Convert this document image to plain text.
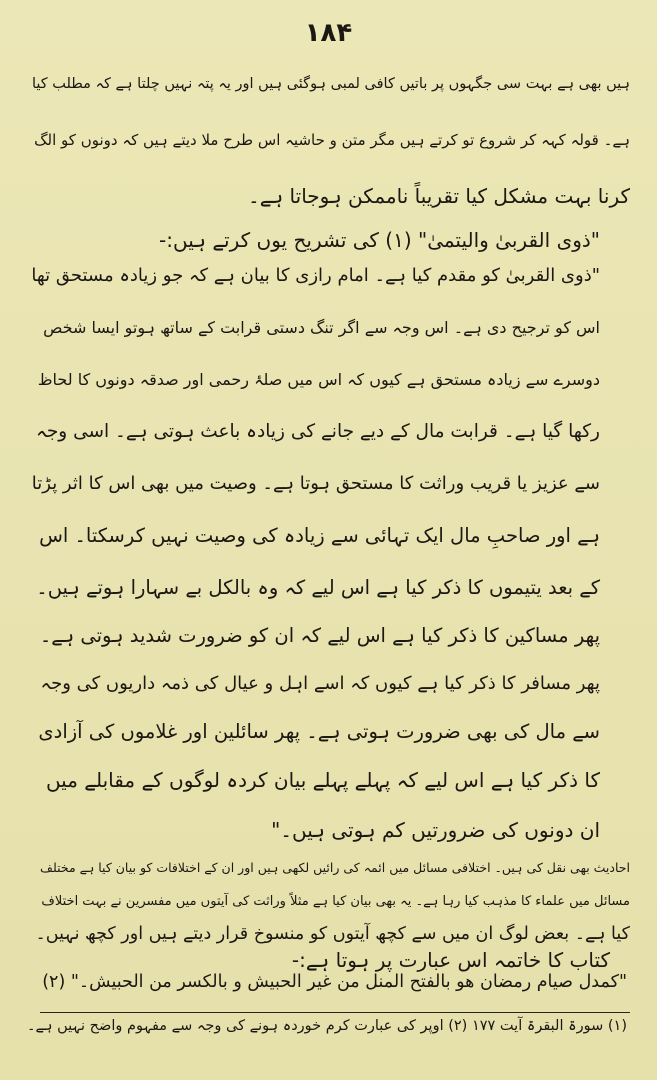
۱۸۴
ہیں بھی ہے بہت سی جگہوں پر باتیں کافی لمبی ہوگئی ہیں اور یہ پتہ نہیں چلتا ہے کہ مطلب کیا
ہے۔ قولہ کہہ کر شروع تو کرتے ہیں مگر متن و حاشیہ اس طرح ملا دیتے ہیں کہ دونوں کو الگ
کرنا بہت مشکل کیا تقریباً ناممکن ہوجاتا ہے۔
"ذوی القربیٰ والیتمیٰ" (۱) کی تشریح یوں کرتے ہیں:-
"ذوی القربیٰ کو مقدم کیا ہے۔ امام رازی کا بیان ہے کہ جو زیادہ مستحق تھا
اس کو ترجیح دی ہے۔ اس وجہ سے اگر تنگ دستی قرابت کے ساتھ ہوتو ایسا شخص
دوسرے سے زیادہ مستحق ہے کیوں کہ اس میں صلۂ رحمی اور صدقہ دونوں کا لحاظ
رکھا گیا ہے۔ قرابت مال کے دیے جانے کی زیادہ باعث ہوتی ہے۔ اسی وجہ
سے عزیز یا قریب وراثت کا مستحق ہوتا ہے۔ وصیت میں بھی اس کا اثر پڑتا
ہے اور صاحبِ مال ایک تہائی سے زیادہ کی وصیت نہیں کرسکتا۔ اس
کے بعد یتیموں کا ذکر کیا ہے اس لیے کہ وہ بالکل بے سہارا ہوتے ہیں۔
پھر مساکین کا ذکر کیا ہے اس لیے کہ ان کو ضرورت شدید ہوتی ہے۔
پھر مسافر کا ذکر کیا ہے کیوں کہ اسے اہل و عیال کی ذمہ داریوں کی وجہ
سے مال کی بھی ضرورت ہوتی ہے۔ پھر سائلین اور غلاموں کی آزادی
کا ذکر کیا ہے اس لیے کہ پہلے پہلے بیان کردہ لوگوں کے مقابلے میں
ان دونوں کی ضرورتیں کم ہوتی ہیں۔"
احادیث بھی نقل کی ہیں۔ اختلافی مسائل میں ائمہ کی رائیں لکھی ہیں اور ان کے اختلافات کو بیان کیا ہے مختلف
مسائل میں علماء کا مذہب کیا رہا ہے۔ یہ بھی بیان کیا ہے مثلاً وراثت کی آیتوں میں مفسرین نے بہت اختلاف
کیا ہے۔ بعض لوگ ان میں سے کچھ آیتوں کو منسوخ قرار دیتے ہیں اور کچھ نہیں۔
کتاب کا خاتمہ اس عبارت پر ہوتا ہے:-
"کمدل صیام رمضان ھو بالفتح المنل من غیر الحبیش و بالکسر من الحبیش۔" (۲)
(۱) سورۃ البقرۃ آیت ۱۷۷ (۲) اوپر کی عبارت کرم خوردہ ہونے کی وجہ سے مفہوم واضح نہیں ہے۔
